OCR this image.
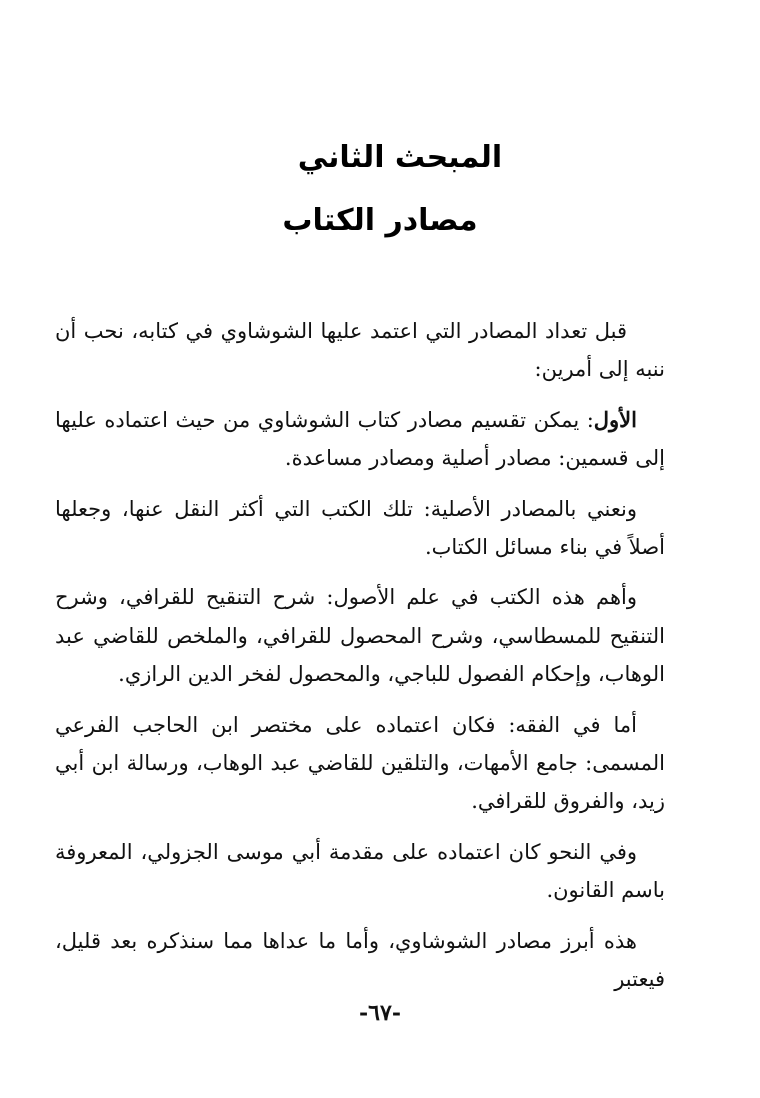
المبحث الثاني
مصادر الكتاب

قبل تعداد المصادر التي اعتمد عليها الشوشاوي في كتابه، نحب أن ننبه إلى أمرين:

الأول: يمكن تقسيم مصادر كتاب الشوشاوي من حيث اعتماده عليها إلى قسمين: مصادر أصلية ومصادر مساعدة.

ونعني بالمصادر الأصلية: تلك الكتب التي أكثر النقل عنها، وجعلها أصلاً في بناء مسائل الكتاب.

وأهم هذه الكتب في علم الأصول: شرح التنقيح للقرافي، وشرح التنقيح للمسطاسي، وشرح المحصول للقرافي، والملخص للقاضي عبد الوهاب، وإحكام الفصول للباجي، والمحصول لفخر الدين الرازي.

أما في الفقه: فكان اعتماده على مختصر ابن الحاجب الفرعي المسمى: جامع الأمهات، والتلقين للقاضي عبد الوهاب، ورسالة ابن أبي زيد، والفروق للقرافي.

وفي النحو كان اعتماده على مقدمة أبي موسى الجزولي، المعروفة باسم القانون.

هذه أبرز مصادر الشوشاوي، وأما ما عداها مما سنذكره بعد قليل، فيعتبر

-٦٧-
